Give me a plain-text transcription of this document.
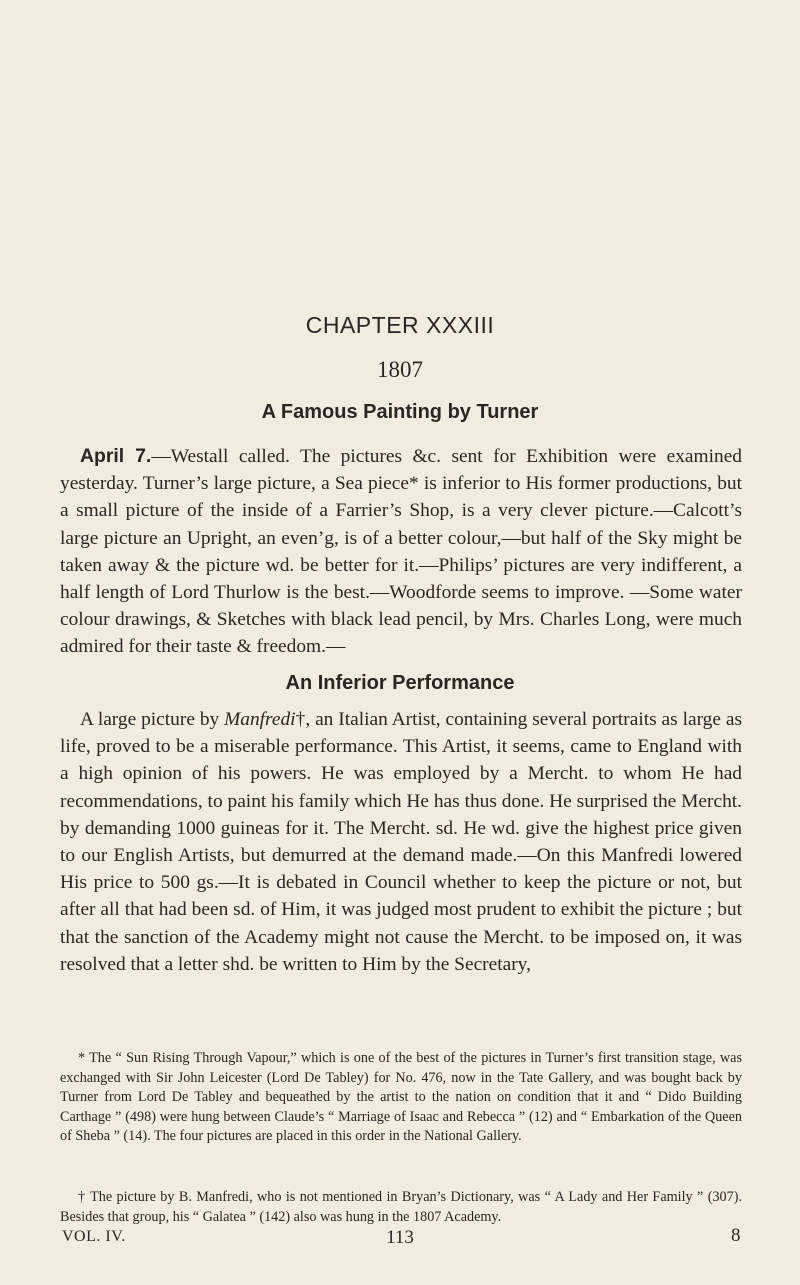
CHAPTER XXXIII
1807
A Famous Painting by Turner

April 7.—Westall called. The pictures &c. sent for Exhibition were examined yesterday. Turner’s large picture, a Sea piece* is inferior to His former productions, but a small picture of the inside of a Farrier’s Shop, is a very clever picture.—Calcott’s large picture an Upright, an even’g, is of a better colour,—but half of the Sky might be taken away & the picture wd. be better for it.—Philips’ pictures are very indifferent, a half length of Lord Thurlow is the best.—Woodforde seems to improve. —Some water colour drawings, & Sketches with black lead pencil, by Mrs. Charles Long, were much admired for their taste & freedom.—

An Inferior Performance

A large picture by Manfredi†, an Italian Artist, containing several portraits as large as life, proved to be a miserable performance. This Artist, it seems, came to England with a high opinion of his powers. He was employed by a Mercht. to whom He had recommendations, to paint his family which He has thus done. He surprised the Mercht. by demanding 1000 guineas for it. The Mercht. sd. He wd. give the highest price given to our English Artists, but demurred at the demand made.—On this Manfredi lowered His price to 500 gs.—It is debated in Council whether to keep the picture or not, but after all that had been sd. of Him, it was judged most prudent to exhibit the picture ; but that the sanction of the Academy might not cause the Mercht. to be imposed on, it was resolved that a letter shd. be written to Him by the Secretary,

* The “ Sun Rising Through Vapour,” which is one of the best of the pictures in Turner’s first transition stage, was exchanged with Sir John Leicester (Lord De Tabley) for No. 476, now in the Tate Gallery, and was bought back by Turner from Lord De Tabley and bequeathed by the artist to the nation on condition that it and “ Dido Building Carthage ” (498) were hung between Claude’s “ Marriage of Isaac and Rebecca ” (12) and “ Embarkation of the Queen of Sheba ” (14). The four pictures are placed in this order in the National Gallery.

† The picture by B. Manfredi, who is not mentioned in Bryan’s Dictionary, was “ A Lady and Her Family ” (307). Besides that group, his “ Galatea ” (142) also was hung in the 1807 Academy.

VOL. IV.	113	8
